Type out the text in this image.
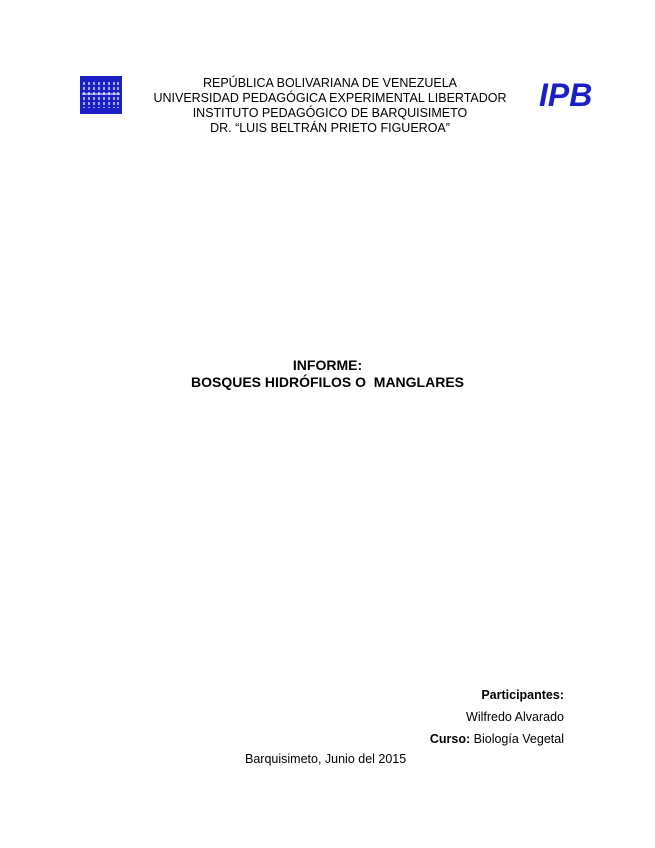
IPB
REPÚBLICA BOLIVARIANA DE VENEZUELA
UNIVERSIDAD PEDAGÓGICA EXPERIMENTAL LIBERTADOR
INSTITUTO PEDAGÓGICO DE BARQUISIMETO
DR. “LUIS BELTRÁN PRIETO FIGUEROA”
INFORME:
BOSQUES HIDRÓFILOS O  MANGLARES
Participantes:
Wilfredo Alvarado
Curso: Biología Vegetal
Barquisimeto, Junio del 2015
